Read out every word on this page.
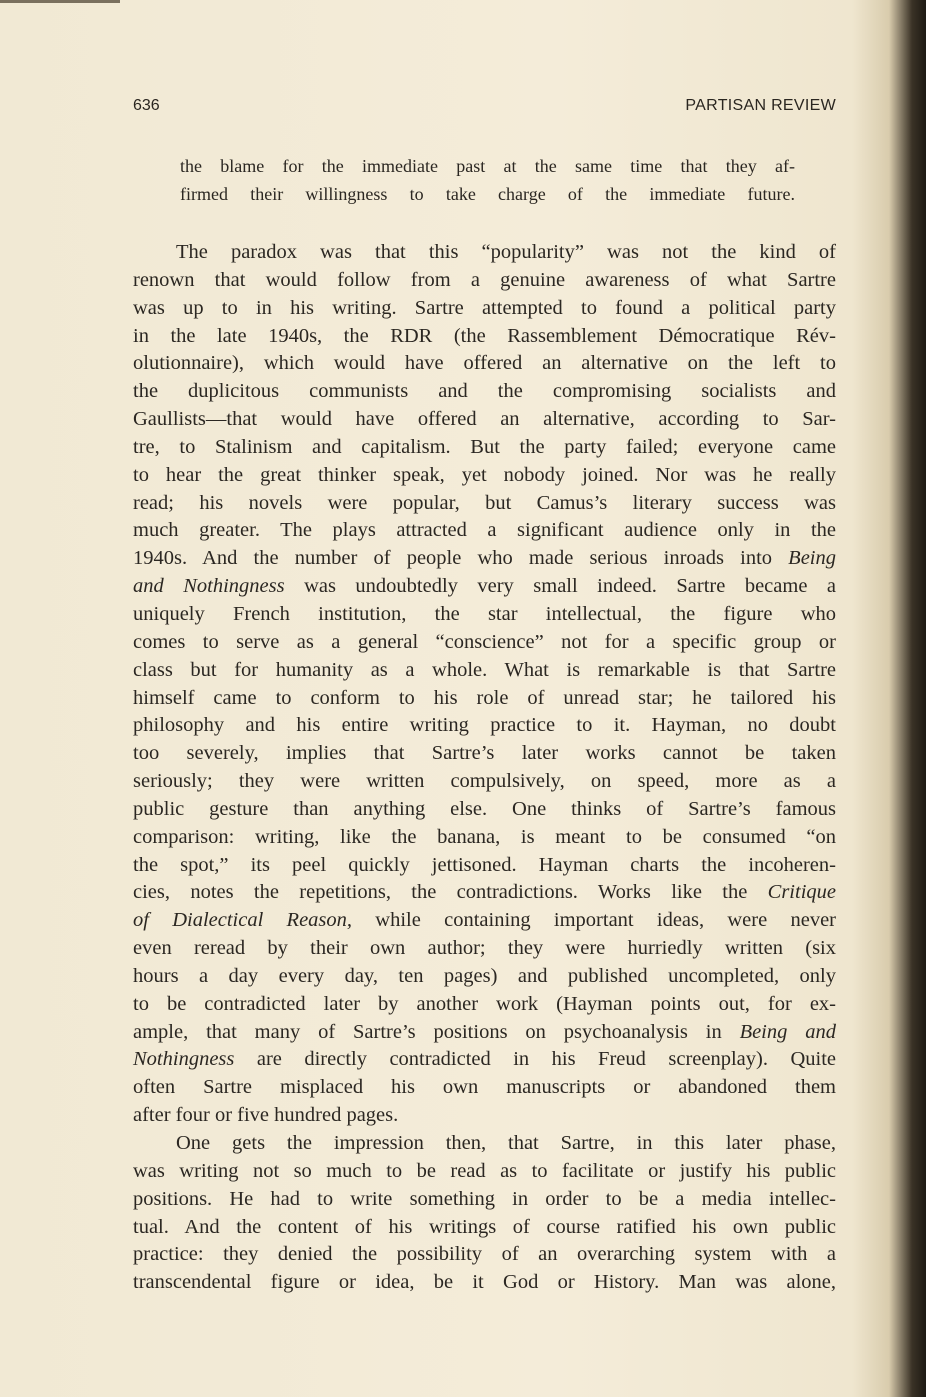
636	PARTISAN REVIEW
the blame for the immediate past at the same time that they af-
firmed their willingness to take charge of the immediate future.
The paradox was that this “popularity” was not the kind of
renown that would follow from a genuine awareness of what Sartre
was up to in his writing. Sartre attempted to found a political party
in the late 1940s, the RDR (the Rassemblement Démocratique Rév-
olutionnaire), which would have offered an alternative on the left to
the duplicitous communists and the compromising socialists and
Gaullists—that would have offered an alternative, according to Sar-
tre, to Stalinism and capitalism. But the party failed; everyone came
to hear the great thinker speak, yet nobody joined. Nor was he really
read; his novels were popular, but Camus’s literary success was
much greater. The plays attracted a significant audience only in the
1940s. And the number of people who made serious inroads into Being
and Nothingness was undoubtedly very small indeed. Sartre became a
uniquely French institution, the star intellectual, the figure who
comes to serve as a general “conscience” not for a specific group or
class but for humanity as a whole. What is remarkable is that Sartre
himself came to conform to his role of unread star; he tailored his
philosophy and his entire writing practice to it. Hayman, no doubt
too severely, implies that Sartre’s later works cannot be taken
seriously; they were written compulsively, on speed, more as a
public gesture than anything else. One thinks of Sartre’s famous
comparison: writing, like the banana, is meant to be consumed “on
the spot,” its peel quickly jettisoned. Hayman charts the incoheren-
cies, notes the repetitions, the contradictions. Works like the Critique
of Dialectical Reason, while containing important ideas, were never
even reread by their own author; they were hurriedly written (six
hours a day every day, ten pages) and published uncompleted, only
to be contradicted later by another work (Hayman points out, for ex-
ample, that many of Sartre’s positions on psychoanalysis in Being and
Nothingness are directly contradicted in his Freud screenplay). Quite
often Sartre misplaced his own manuscripts or abandoned them
after four or five hundred pages.
One gets the impression then, that Sartre, in this later phase,
was writing not so much to be read as to facilitate or justify his public
positions. He had to write something in order to be a media intellec-
tual. And the content of his writings of course ratified his own public
practice: they denied the possibility of an overarching system with a
transcendental figure or idea, be it God or History. Man was alone,
